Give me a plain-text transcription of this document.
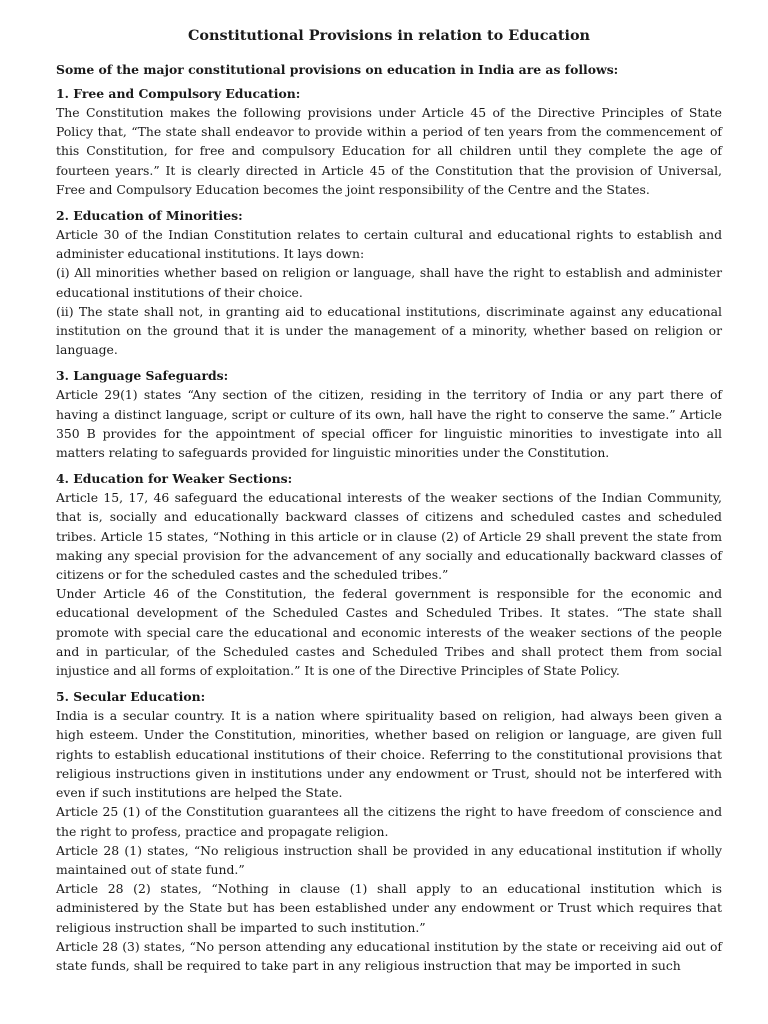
Constitutional Provisions in relation to Education

Some of the major constitutional provisions on education in India are as follows:

1. Free and Compulsory Education:

The Constitution makes the following provisions under Article 45 of the Directive Principles of State Policy that, “The state shall endeavor to provide within a period of ten years from the commencement of this Constitution, for free and compulsory Education for all children until they complete the age of fourteen years.” It is clearly directed in Article 45 of the Constitution that the provision of Universal, Free and Compulsory Education becomes the joint responsibility of the Centre and the States.

2. Education of Minorities:

Article 30 of the Indian Constitution relates to certain cultural and educational rights to establish and administer educational institutions. It lays down:

(i) All minorities whether based on religion or language, shall have the right to establish and administer educational institutions of their choice.

(ii) The state shall not, in granting aid to educational institutions, discriminate against any educational institution on the ground that it is under the management of a minority, whether based on religion or language.

3. Language Safeguards:

Article 29(1) states “Any section of the citizen, residing in the territory of India or any part there of having a distinct language, script or culture of its own, hall have the right to conserve the same.” Article 350 B provides for the appointment of special officer for linguistic minorities to investigate into all matters relating to safeguards provided for linguistic minorities under the Constitution.

4. Education for Weaker Sections:

Article 15, 17, 46 safeguard the educational interests of the weaker sections of the Indian Community, that is, socially and educationally backward classes of citizens and scheduled castes and scheduled tribes. Article 15 states, “Nothing in this article or in clause (2) of Article 29 shall prevent the state from making any special provision for the advancement of any socially and educationally backward classes of citizens or for the scheduled castes and the scheduled tribes.”

Under Article 46 of the Constitution, the federal government is responsible for the economic and educational development of the Scheduled Castes and Scheduled Tribes. It states. “The state shall promote with special care the educational and economic interests of the weaker sections of the people and in particular, of the Scheduled castes and Scheduled Tribes and shall protect them from social injustice and all forms of exploitation.” It is one of the Directive Principles of State Policy.

5. Secular Education:

India is a secular country. It is a nation where spirituality based on religion, had always been given a high esteem. Under the Constitution, minorities, whether based on religion or language, are given full rights to establish educational institutions of their choice. Referring to the constitutional provisions that religious instructions given in institutions under any endowment or Trust, should not be interfered with even if such institutions are helped the State.

Article 25 (1) of the Constitution guarantees all the citizens the right to have freedom of conscience and the right to profess, practice and propagate religion.

Article 28 (1) states, “No religious instruction shall be provided in any educational institution if wholly maintained out of state fund.”

Article 28 (2) states, “Nothing in clause (1) shall apply to an educational institution which is administered by the State but has been established under any endowment or Trust which requires that religious instruction shall be imparted to such institution.”

Article 28 (3) states, “No person attending any educational institution by the state or receiving aid out of state funds, shall be required to take part in any religious instruction that may be imported in such
